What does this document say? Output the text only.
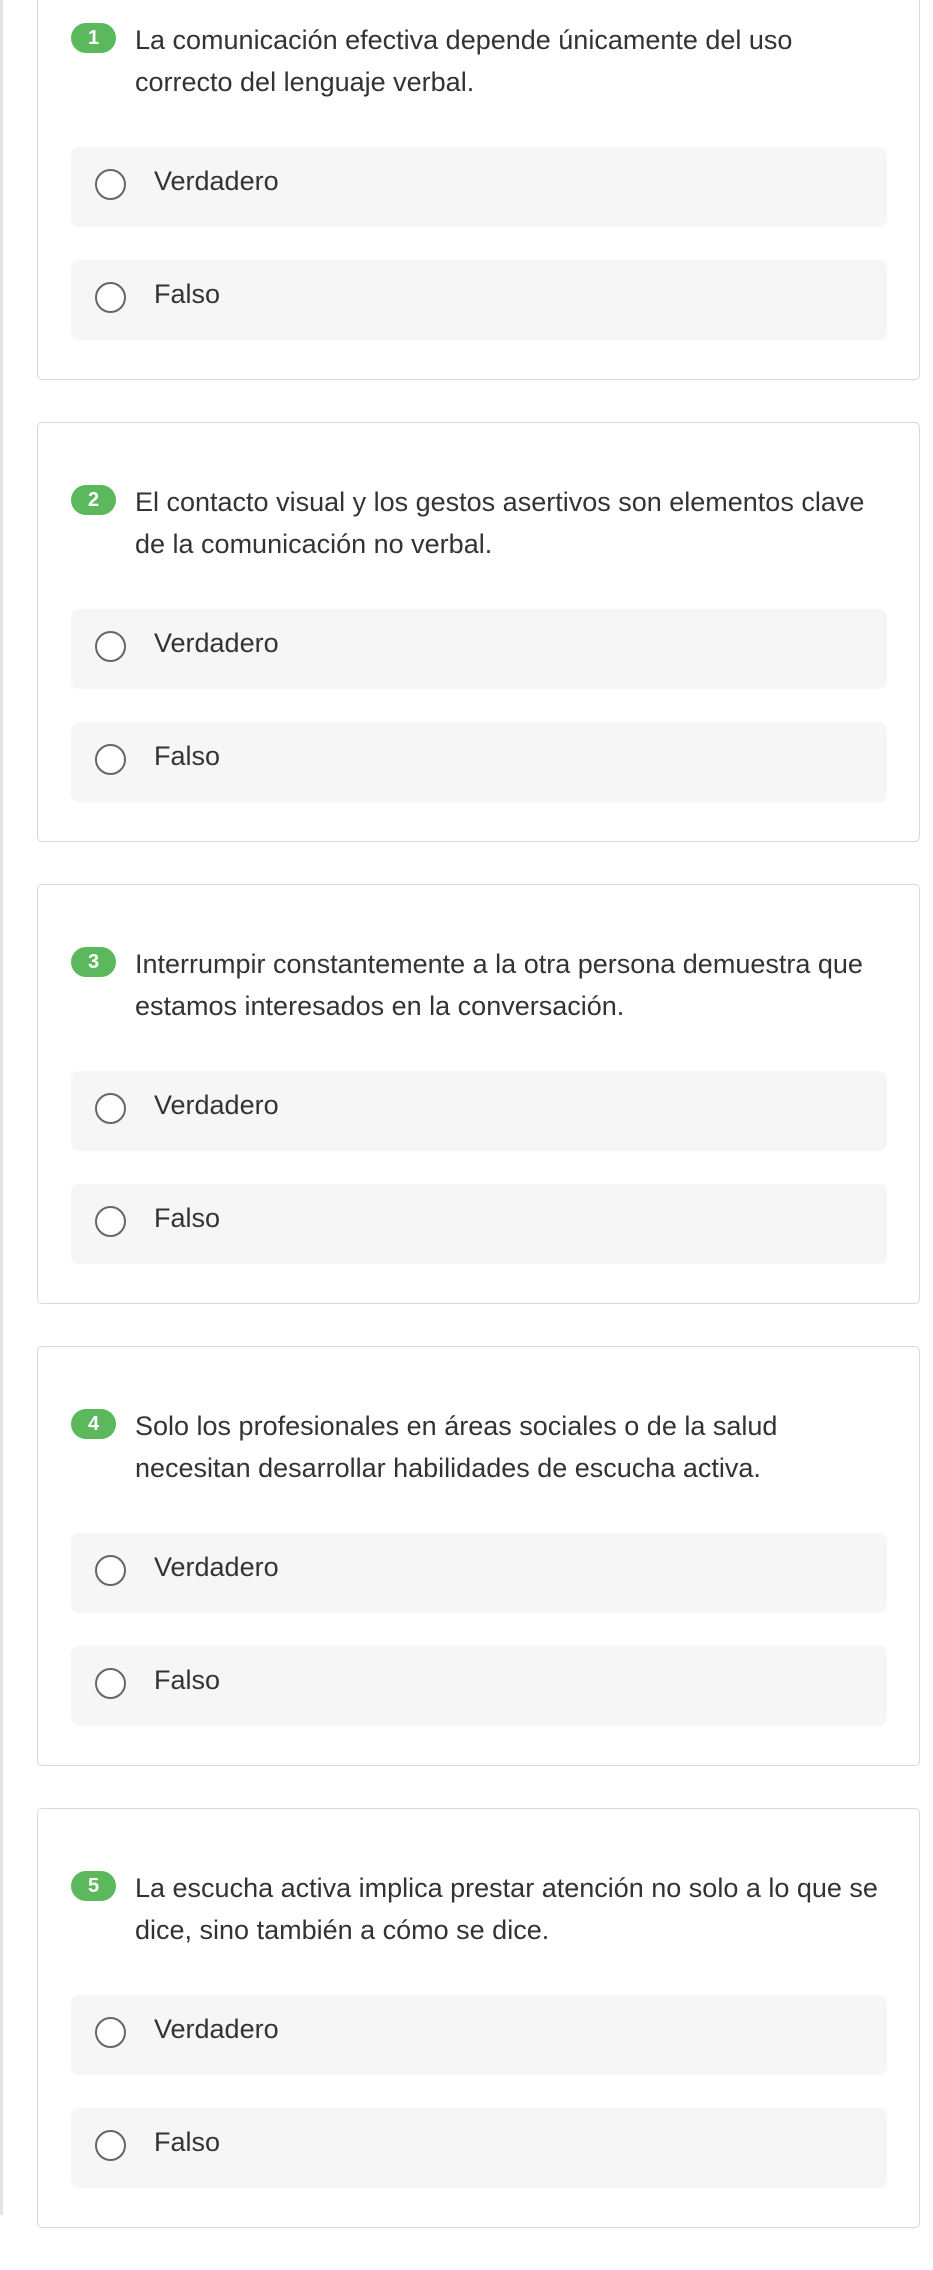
1	La comunicación efectiva depende únicamente del uso correcto del lenguaje verbal.

Verdadero
Falso
2	El contacto visual y los gestos asertivos son elementos clave de la comunicación no verbal.

Verdadero
Falso
3	Interrumpir constantemente a la otra persona demuestra que estamos interesados en la conversación.

Verdadero
Falso
4	Solo los profesionales en áreas sociales o de la salud necesitan desarrollar habilidades de escucha activa.

Verdadero
Falso
5	La escucha activa implica prestar atención no solo a lo que se dice, sino también a cómo se dice.

Verdadero
Falso
